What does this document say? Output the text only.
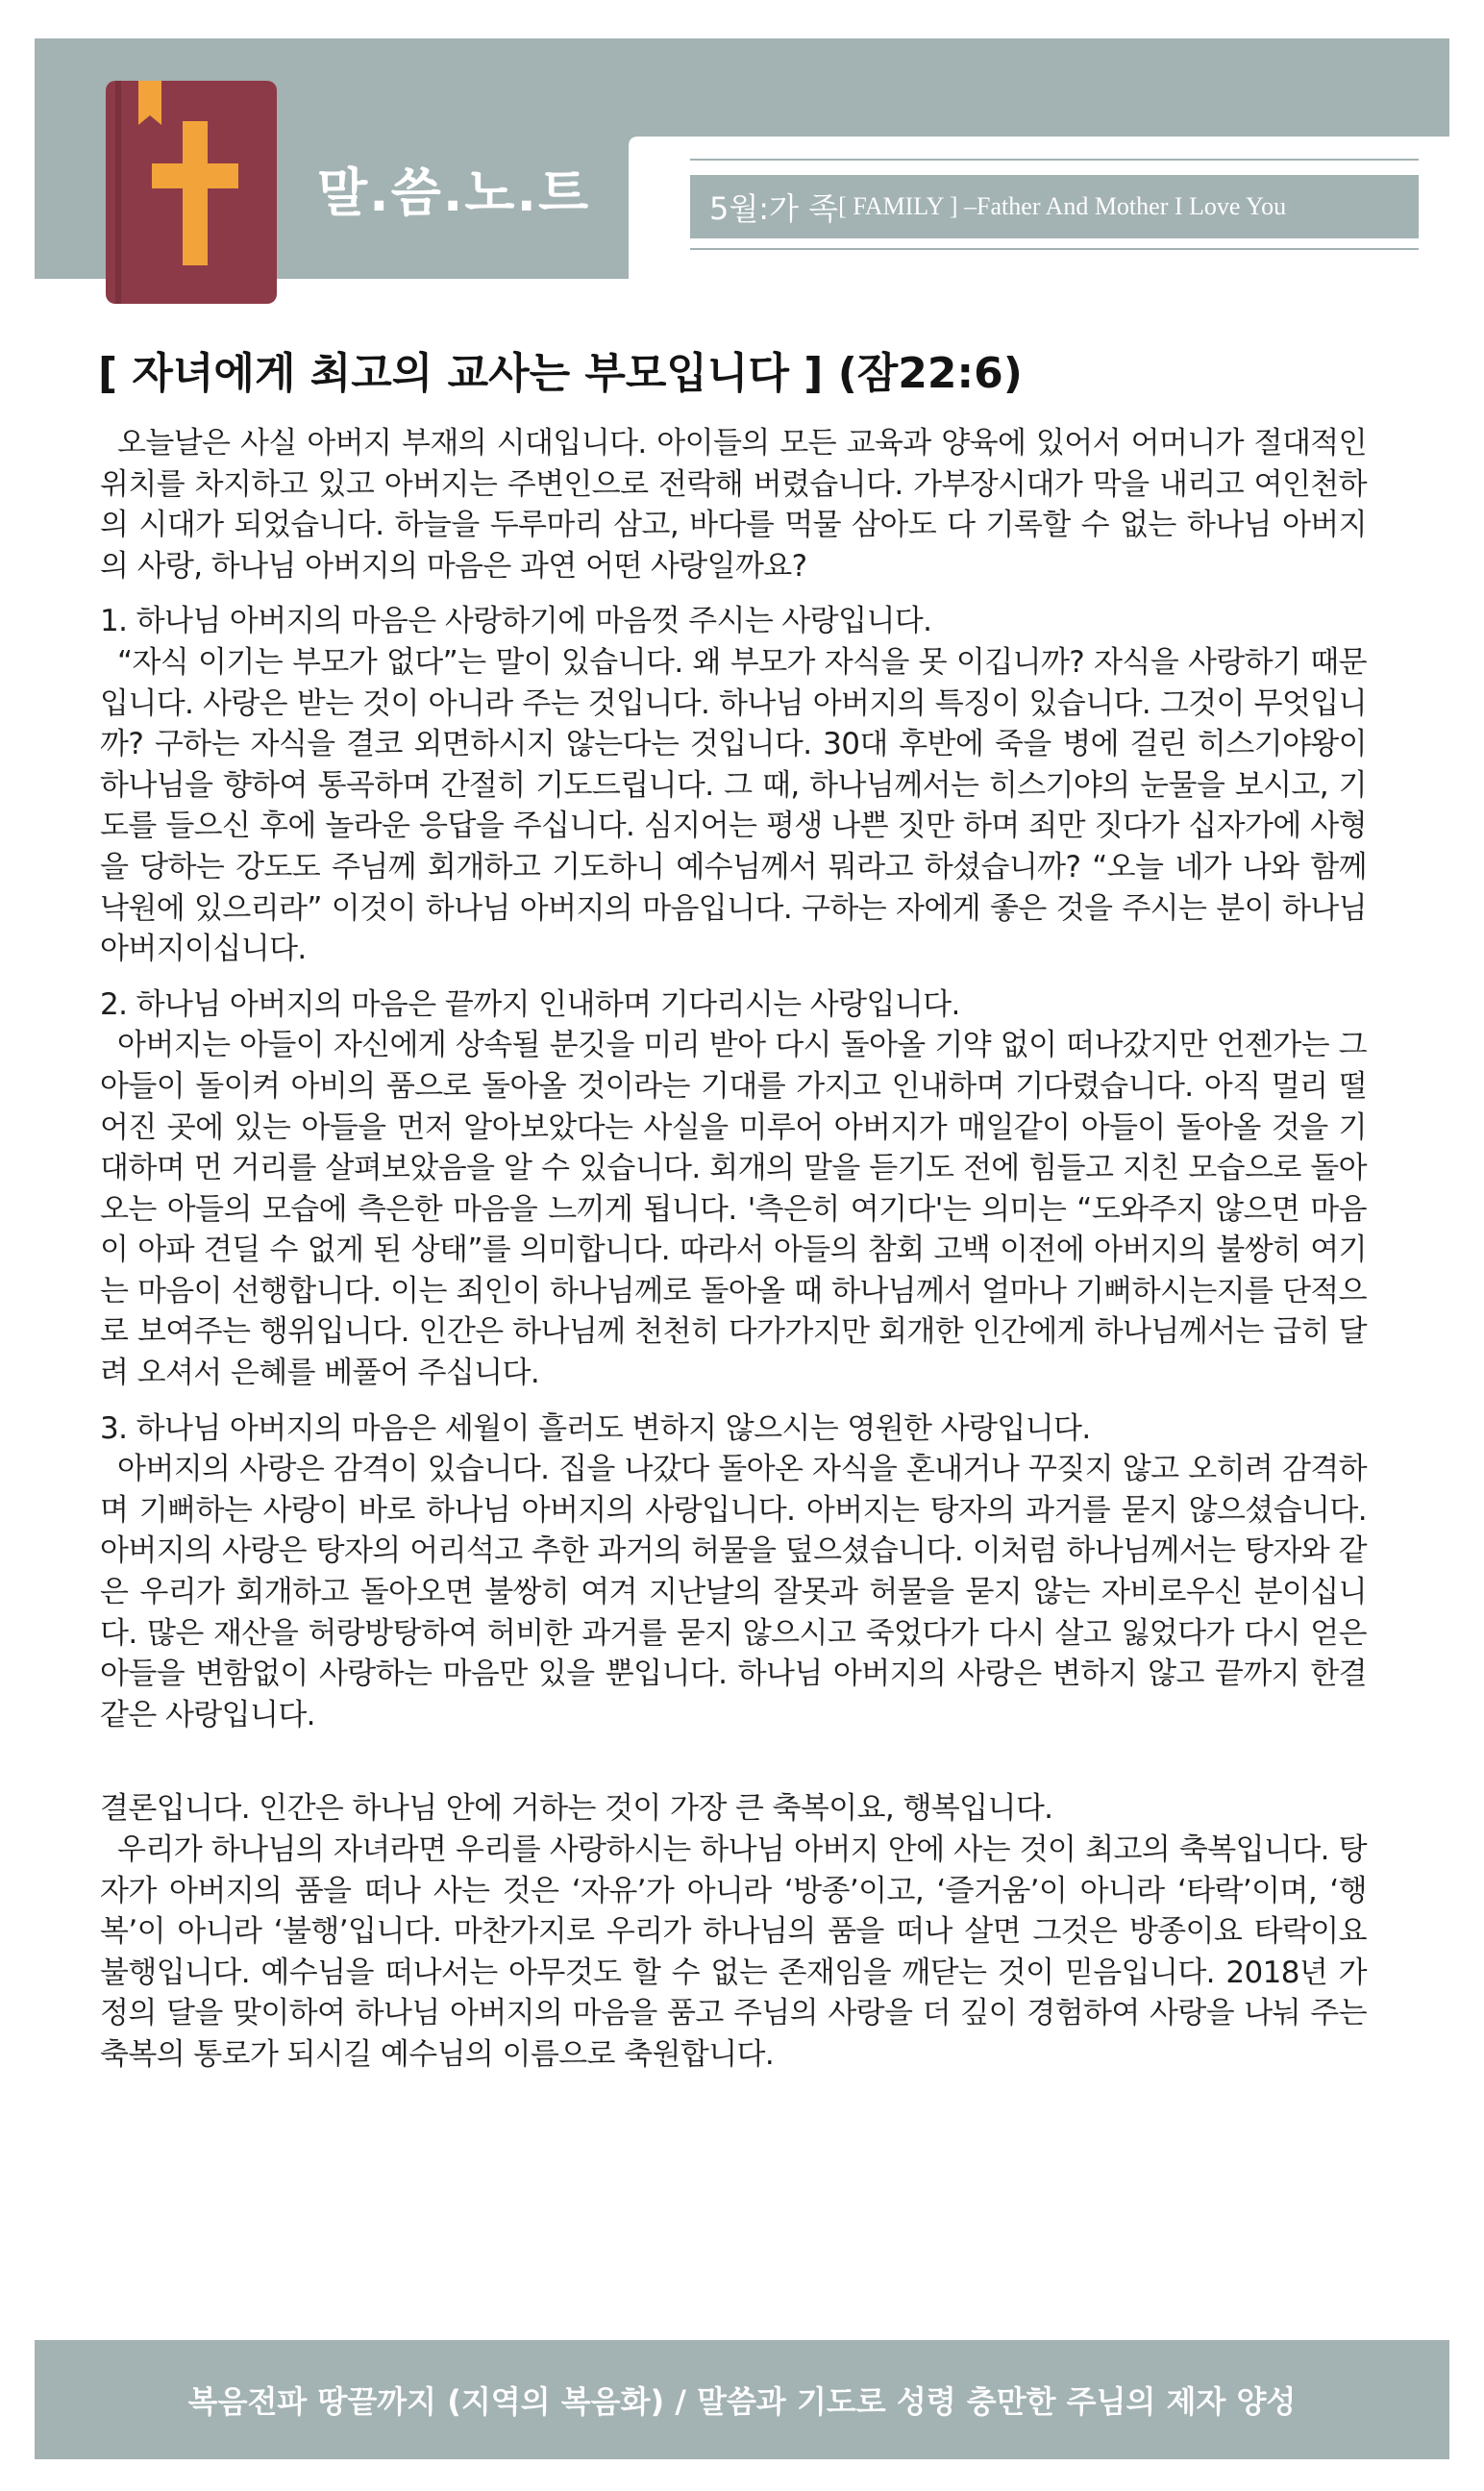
말.씀.노.트	5월:가 족 [ FAMILY ] –Father And Mother I Love You
[ 자녀에게 최고의 교사는 부모입니다 ] (잠22:6)

오늘날은 사실 아버지 부재의 시대입니다. 아이들의 모든 교육과 양육에 있어서 어머니가 절대적인 위치를 차지하고 있고 아버지는 주변인으로 전락해 버렸습니다. 가부장시대가 막을 내리고 여인천하의 시대가 되었습니다. 하늘을 두루마리 삼고, 바다를 먹물 삼아도 다 기록할 수 없는 하나님 아버지의 사랑, 하나님 아버지의 마음은 과연 어떤 사랑일까요?

1. 하나님 아버지의 마음은 사랑하기에 마음껏 주시는 사랑입니다.

“자식 이기는 부모가 없다”는 말이 있습니다. 왜 부모가 자식을 못 이깁니까? 자식을 사랑하기 때문입니다. 사랑은 받는 것이 아니라 주는 것입니다. 하나님 아버지의 특징이 있습니다. 그것이 무엇입니까? 구하는 자식을 결코 외면하시지 않는다는 것입니다. 30대 후반에 죽을 병에 걸린 히스기야왕이 하나님을 향하여 통곡하며 간절히 기도드립니다. 그 때, 하나님께서는 히스기야의 눈물을 보시고, 기도를 들으신 후에 놀라운 응답을 주십니다. 심지어는 평생 나쁜 짓만 하며 죄만 짓다가 십자가에 사형을 당하는 강도도 주님께 회개하고 기도하니 예수님께서 뭐라고 하셨습니까? “오늘 네가 나와 함께 낙원에 있으리라” 이것이 하나님 아버지의 마음입니다. 구하는 자에게 좋은 것을 주시는 분이 하나님 아버지이십니다.

2. 하나님 아버지의 마음은 끝까지 인내하며 기다리시는 사랑입니다.

아버지는 아들이 자신에게 상속될 분깃을 미리 받아 다시 돌아올 기약 없이 떠나갔지만 언젠가는 그 아들이 돌이켜 아비의 품으로 돌아올 것이라는 기대를 가지고 인내하며 기다렸습니다. 아직 멀리 떨어진 곳에 있는 아들을 먼저 알아보았다는 사실을 미루어 아버지가 매일같이 아들이 돌아올 것을 기대하며 먼 거리를 살펴보았음을 알 수 있습니다. 회개의 말을 듣기도 전에 힘들고 지친 모습으로 돌아오는 아들의 모습에 측은한 마음을 느끼게 됩니다. '측은히 여기다'는 의미는 “도와주지 않으면 마음이 아파 견딜 수 없게 된 상태”를 의미합니다. 따라서 아들의 참회 고백 이전에 아버지의 불쌍히 여기는 마음이 선행합니다. 이는 죄인이 하나님께로 돌아올 때 하나님께서 얼마나 기뻐하시는지를 단적으로 보여주는 행위입니다. 인간은 하나님께 천천히 다가가지만 회개한 인간에게 하나님께서는 급히 달려 오셔서 은혜를 베풀어 주십니다.

3. 하나님 아버지의 마음은 세월이 흘러도 변하지 않으시는 영원한 사랑입니다.

아버지의 사랑은 감격이 있습니다. 집을 나갔다 돌아온 자식을 혼내거나 꾸짖지 않고 오히려 감격하며 기뻐하는 사랑이 바로 하나님 아버지의 사랑입니다. 아버지는 탕자의 과거를 묻지 않으셨습니다. 아버지의 사랑은 탕자의 어리석고 추한 과거의 허물을 덮으셨습니다. 이처럼 하나님께서는 탕자와 같은 우리가 회개하고 돌아오면 불쌍히 여겨 지난날의 잘못과 허물을 묻지 않는 자비로우신 분이십니다. 많은 재산을 허랑방탕하여 허비한 과거를 묻지 않으시고 죽었다가 다시 살고 잃었다가 다시 얻은 아들을 변함없이 사랑하는 마음만 있을 뿐입니다. 하나님 아버지의 사랑은 변하지 않고 끝까지 한결같은 사랑입니다.

결론입니다. 인간은 하나님 안에 거하는 것이 가장 큰 축복이요, 행복입니다.

우리가 하나님의 자녀라면 우리를 사랑하시는 하나님 아버지 안에 사는 것이 최고의 축복입니다. 탕자가 아버지의 품을 떠나 사는 것은 ‘자유’가 아니라 ‘방종’이고, ‘즐거움’이 아니라 ‘타락’이며, ‘행복’이 아니라 ‘불행’입니다. 마찬가지로 우리가 하나님의 품을 떠나 살면 그것은 방종이요 타락이요 불행입니다. 예수님을 떠나서는 아무것도 할 수 없는 존재임을 깨닫는 것이 믿음입니다. 2018년 가정의 달을 맞이하여 하나님 아버지의 마음을 품고 주님의 사랑을 더 깊이 경험하여 사랑을 나눠 주는 축복의 통로가 되시길 예수님의 이름으로 축원합니다.

복음전파 땅끝까지 (지역의 복음화) / 말씀과 기도로 성령 충만한 주님의 제자 양성
